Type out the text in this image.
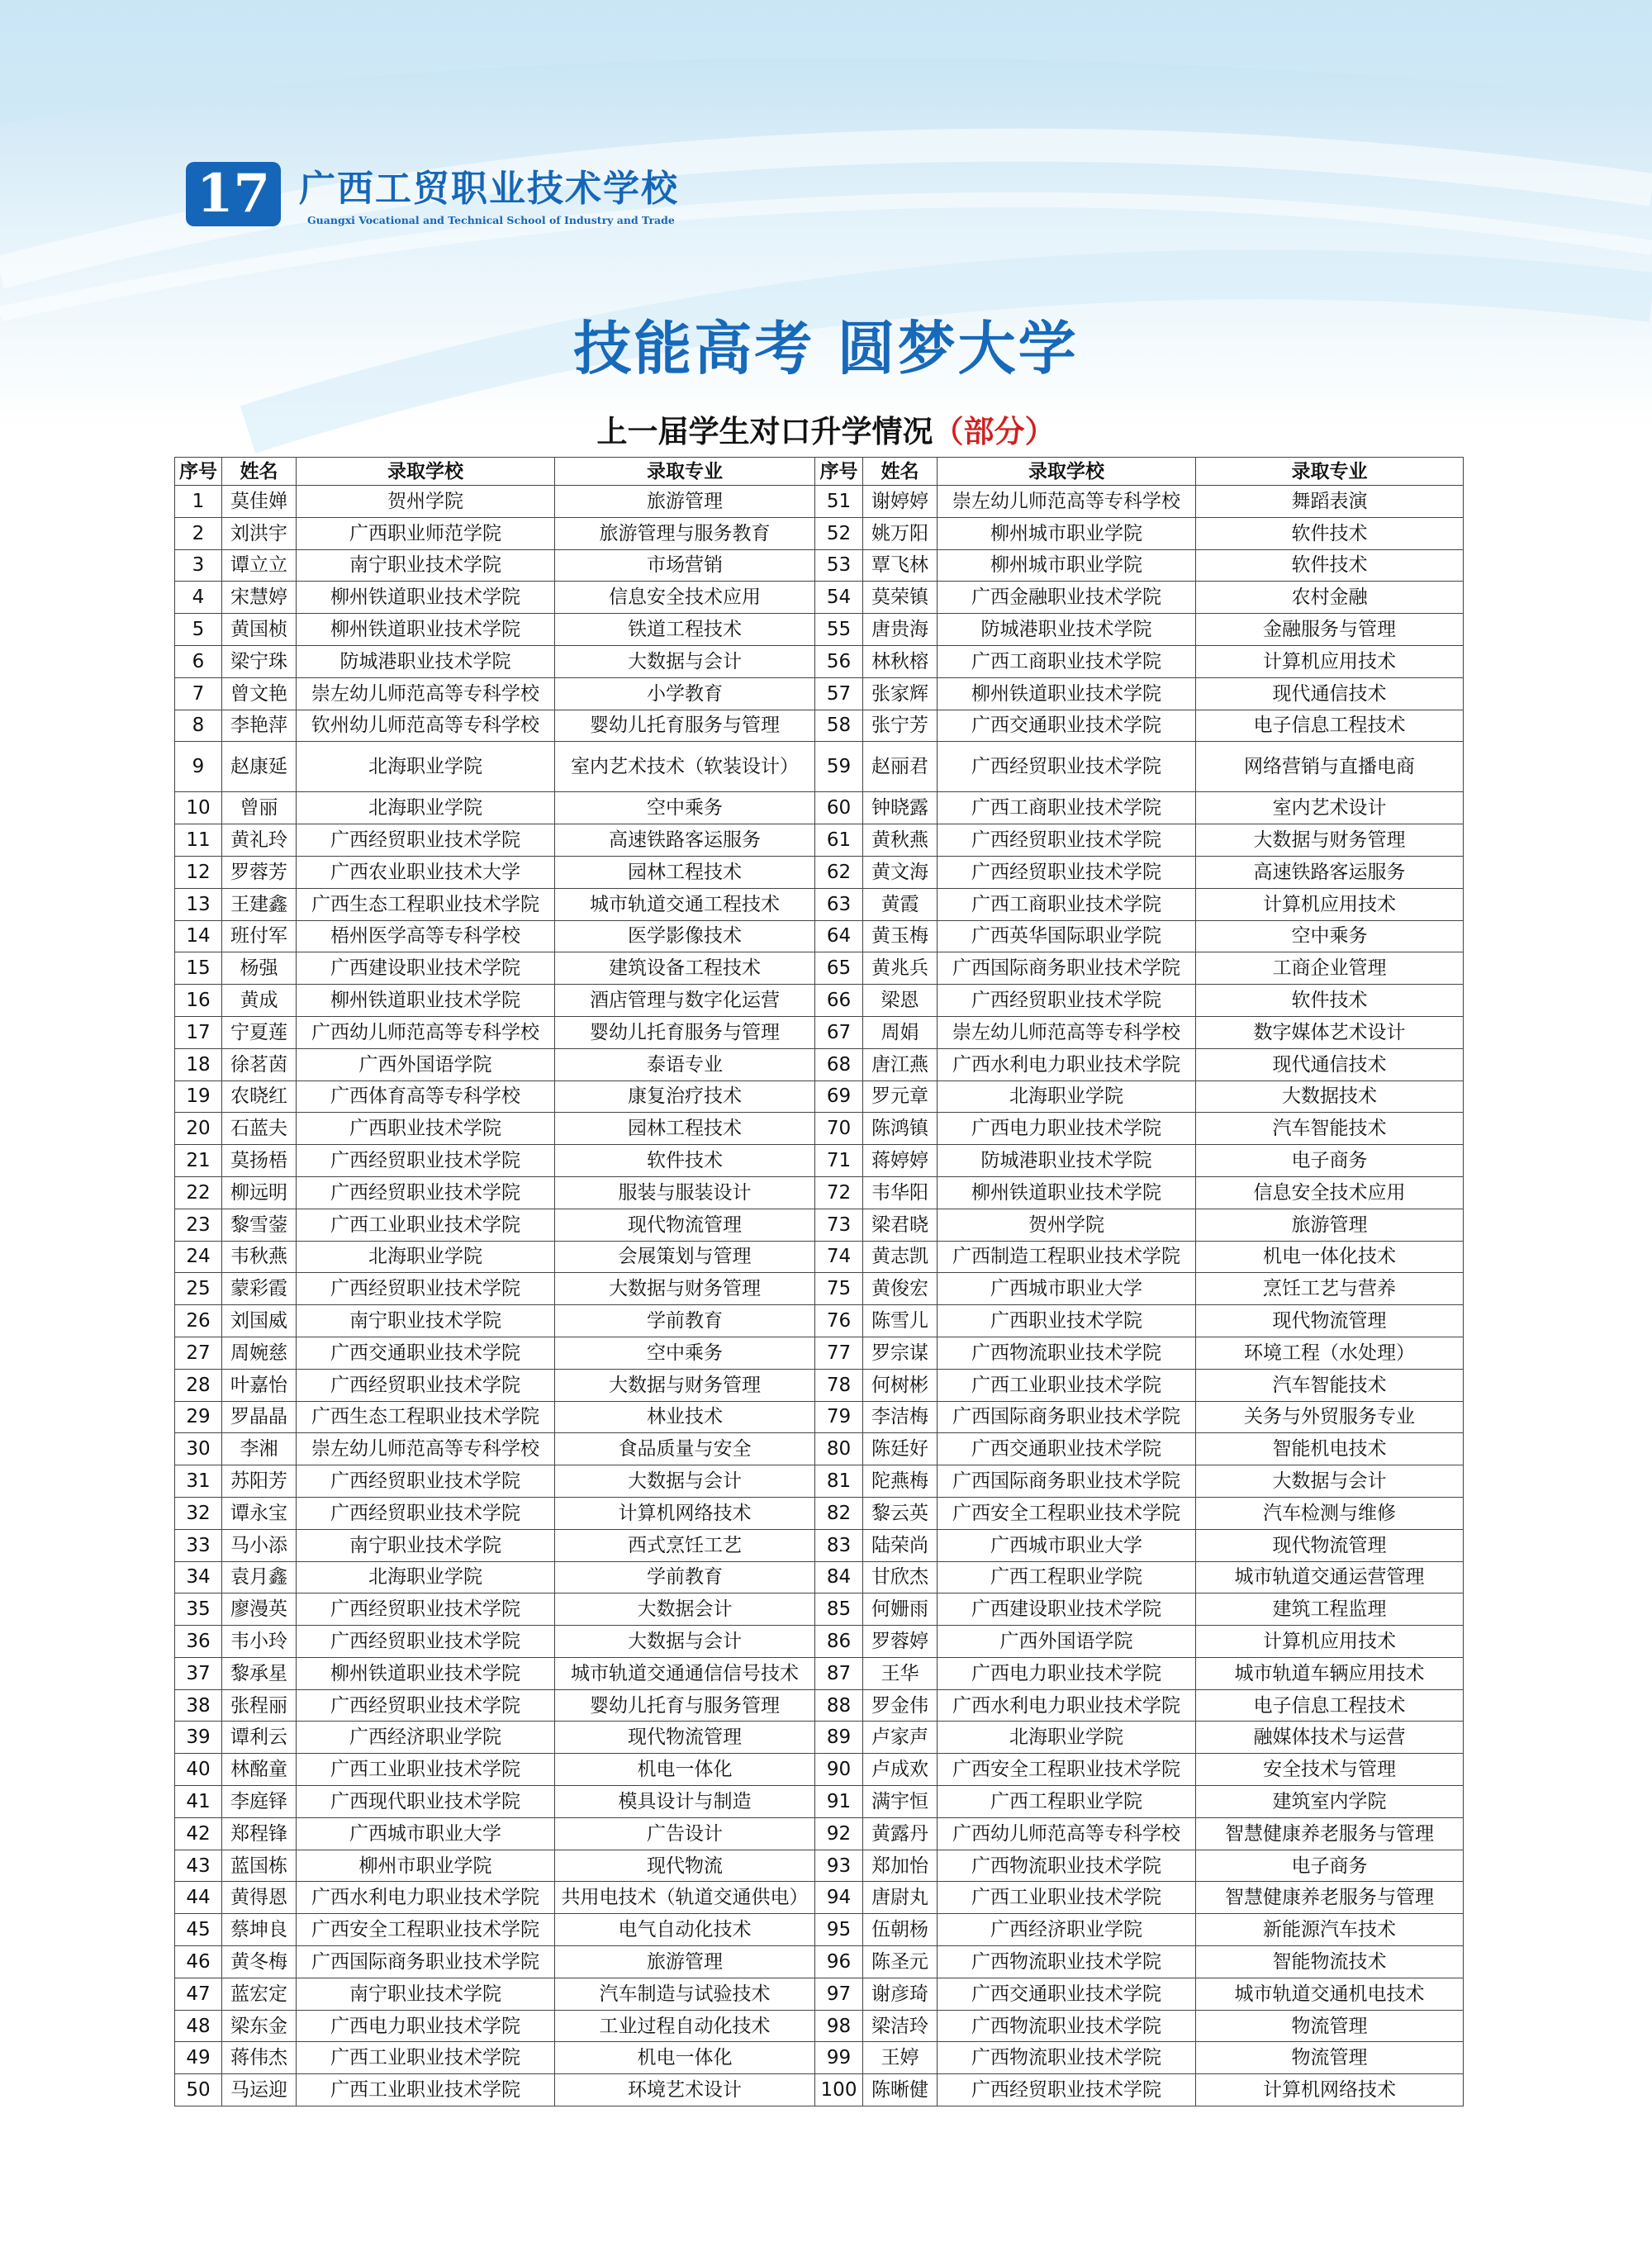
17 广西工贸职业技术学校
Guangxi Vocational and Technical School of Industry and Trade
技能高考 圆梦大学
上一届学生对口升学情况（部分）
序号	姓名	录取学校	录取专业	序号	姓名	录取学校	录取专业
1	莫佳婵	贺州学院	旅游管理	51	谢婷婷	崇左幼儿师范高等专科学校	舞蹈表演
2	刘洪宇	广西职业师范学院	旅游管理与服务教育	52	姚万阳	柳州城市职业学院	软件技术
3	谭立立	南宁职业技术学院	市场营销	53	覃飞林	柳州城市职业学院	软件技术
4	宋慧婷	柳州铁道职业技术学院	信息安全技术应用	54	莫荣镇	广西金融职业技术学院	农村金融
5	黄国桢	柳州铁道职业技术学院	铁道工程技术	55	唐贵海	防城港职业技术学院	金融服务与管理
6	梁宁珠	防城港职业技术学院	大数据与会计	56	林秋榕	广西工商职业技术学院	计算机应用技术
7	曾文艳	崇左幼儿师范高等专科学校	小学教育	57	张家辉	柳州铁道职业技术学院	现代通信技术
8	李艳萍	钦州幼儿师范高等专科学校	婴幼儿托育服务与管理	58	张宁芳	广西交通职业技术学院	电子信息工程技术
9	赵康延	北海职业学院	室内艺术技术（软装设计）	59	赵丽君	广西经贸职业技术学院	网络营销与直播电商
10	曾丽	北海职业学院	空中乘务	60	钟晓露	广西工商职业技术学院	室内艺术设计
11	黄礼玲	广西经贸职业技术学院	高速铁路客运服务	61	黄秋燕	广西经贸职业技术学院	大数据与财务管理
12	罗蓉芳	广西农业职业技术大学	园林工程技术	62	黄文海	广西经贸职业技术学院	高速铁路客运服务
13	王建鑫	广西生态工程职业技术学院	城市轨道交通工程技术	63	黄霞	广西工商职业技术学院	计算机应用技术
14	班付军	梧州医学高等专科学校	医学影像技术	64	黄玉梅	广西英华国际职业学院	空中乘务
15	杨强	广西建设职业技术学院	建筑设备工程技术	65	黄兆兵	广西国际商务职业技术学院	工商企业管理
16	黄成	柳州铁道职业技术学院	酒店管理与数字化运营	66	梁恩	广西经贸职业技术学院	软件技术
17	宁夏莲	广西幼儿师范高等专科学校	婴幼儿托育服务与管理	67	周娟	崇左幼儿师范高等专科学校	数字媒体艺术设计
18	徐茗茵	广西外国语学院	泰语专业	68	唐江燕	广西水利电力职业技术学院	现代通信技术
19	农晓红	广西体育高等专科学校	康复治疗技术	69	罗元章	北海职业学院	大数据技术
20	石蓝夫	广西职业技术学院	园林工程技术	70	陈鸿镇	广西电力职业技术学院	汽车智能技术
21	莫扬梧	广西经贸职业技术学院	软件技术	71	蒋婷婷	防城港职业技术学院	电子商务
22	柳远明	广西经贸职业技术学院	服装与服装设计	72	韦华阳	柳州铁道职业技术学院	信息安全技术应用
23	黎雪蓥	广西工业职业技术学院	现代物流管理	73	梁君晓	贺州学院	旅游管理
24	韦秋燕	北海职业学院	会展策划与管理	74	黄志凯	广西制造工程职业技术学院	机电一体化技术
25	蒙彩霞	广西经贸职业技术学院	大数据与财务管理	75	黄俊宏	广西城市职业大学	烹饪工艺与营养
26	刘国威	南宁职业技术学院	学前教育	76	陈雪儿	广西职业技术学院	现代物流管理
27	周婉慈	广西交通职业技术学院	空中乘务	77	罗宗谋	广西物流职业技术学院	环境工程（水处理）
28	叶嘉怡	广西经贸职业技术学院	大数据与财务管理	78	何树彬	广西工业职业技术学院	汽车智能技术
29	罗晶晶	广西生态工程职业技术学院	林业技术	79	李洁梅	广西国际商务职业技术学院	关务与外贸服务专业
30	李湘	崇左幼儿师范高等专科学校	食品质量与安全	80	陈廷好	广西交通职业技术学院	智能机电技术
31	苏阳芳	广西经贸职业技术学院	大数据与会计	81	陀燕梅	广西国际商务职业技术学院	大数据与会计
32	谭永宝	广西经贸职业技术学院	计算机网络技术	82	黎云英	广西安全工程职业技术学院	汽车检测与维修
33	马小添	南宁职业技术学院	西式烹饪工艺	83	陆荣尚	广西城市职业大学	现代物流管理
34	袁月鑫	北海职业学院	学前教育	84	甘欣杰	广西工程职业学院	城市轨道交通运营管理
35	廖漫英	广西经贸职业技术学院	大数据会计	85	何姗雨	广西建设职业技术学院	建筑工程监理
36	韦小玲	广西经贸职业技术学院	大数据与会计	86	罗蓉婷	广西外国语学院	计算机应用技术
37	黎承星	柳州铁道职业技术学院	城市轨道交通通信信号技术	87	王华	广西电力职业技术学院	城市轨道车辆应用技术
38	张程丽	广西经贸职业技术学院	婴幼儿托育与服务管理	88	罗金伟	广西水利电力职业技术学院	电子信息工程技术
39	谭利云	广西经济职业学院	现代物流管理	89	卢家声	北海职业学院	融媒体技术与运营
40	林酩童	广西工业职业技术学院	机电一体化	90	卢成欢	广西安全工程职业技术学院	安全技术与管理
41	李庭铎	广西现代职业技术学院	模具设计与制造	91	满宇恒	广西工程职业学院	建筑室内学院
42	郑程锋	广西城市职业大学	广告设计	92	黄露丹	广西幼儿师范高等专科学校	智慧健康养老服务与管理
43	蓝国栋	柳州市职业学院	现代物流	93	郑加怡	广西物流职业技术学院	电子商务
44	黄得恩	广西水利电力职业技术学院	共用电技术（轨道交通供电）	94	唐尉丸	广西工业职业技术学院	智慧健康养老服务与管理
45	蔡坤良	广西安全工程职业技术学院	电气自动化技术	95	伍朝杨	广西经济职业学院	新能源汽车技术
46	黄冬梅	广西国际商务职业技术学院	旅游管理	96	陈圣元	广西物流职业技术学院	智能物流技术
47	蓝宏定	南宁职业技术学院	汽车制造与试验技术	97	谢彦琦	广西交通职业技术学院	城市轨道交通机电技术
48	梁东金	广西电力职业技术学院	工业过程自动化技术	98	梁洁玲	广西物流职业技术学院	物流管理
49	蒋伟杰	广西工业职业技术学院	机电一体化	99	王婷	广西物流职业技术学院	物流管理
50	马运迎	广西工业职业技术学院	环境艺术设计	100	陈晰健	广西经贸职业技术学院	计算机网络技术
